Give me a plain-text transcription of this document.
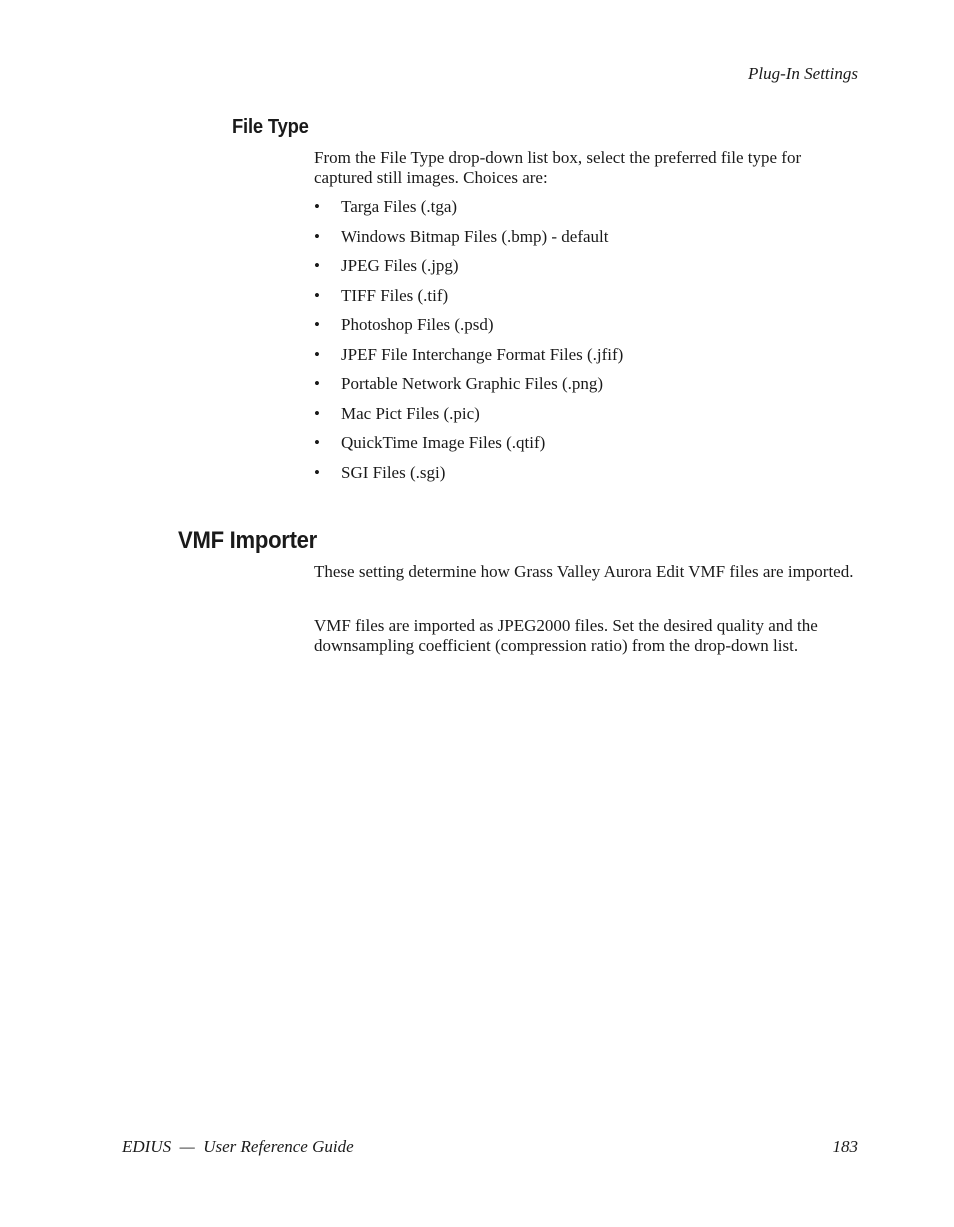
Plug-In Settings
File Type

From the File Type drop-down list box, select the preferred file type for captured still images. Choices are:

• Targa Files (.tga)
• Windows Bitmap Files (.bmp) - default
• JPEG Files (.jpg)
• TIFF Files (.tif)
• Photoshop Files (.psd)
• JPEF File Interchange Format Files (.jfif)
• Portable Network Graphic Files (.png)
• Mac Pict Files (.pic)
• QuickTime Image Files (.qtif)
• SGI Files (.sgi)
VMF Importer

These setting determine how Grass Valley Aurora Edit VMF files are imported.

VMF files are imported as JPEG2000 files. Set the desired quality and the downsampling coefficient (compression ratio) from the drop-down list.

EDIUS  —  User Reference Guide	183
